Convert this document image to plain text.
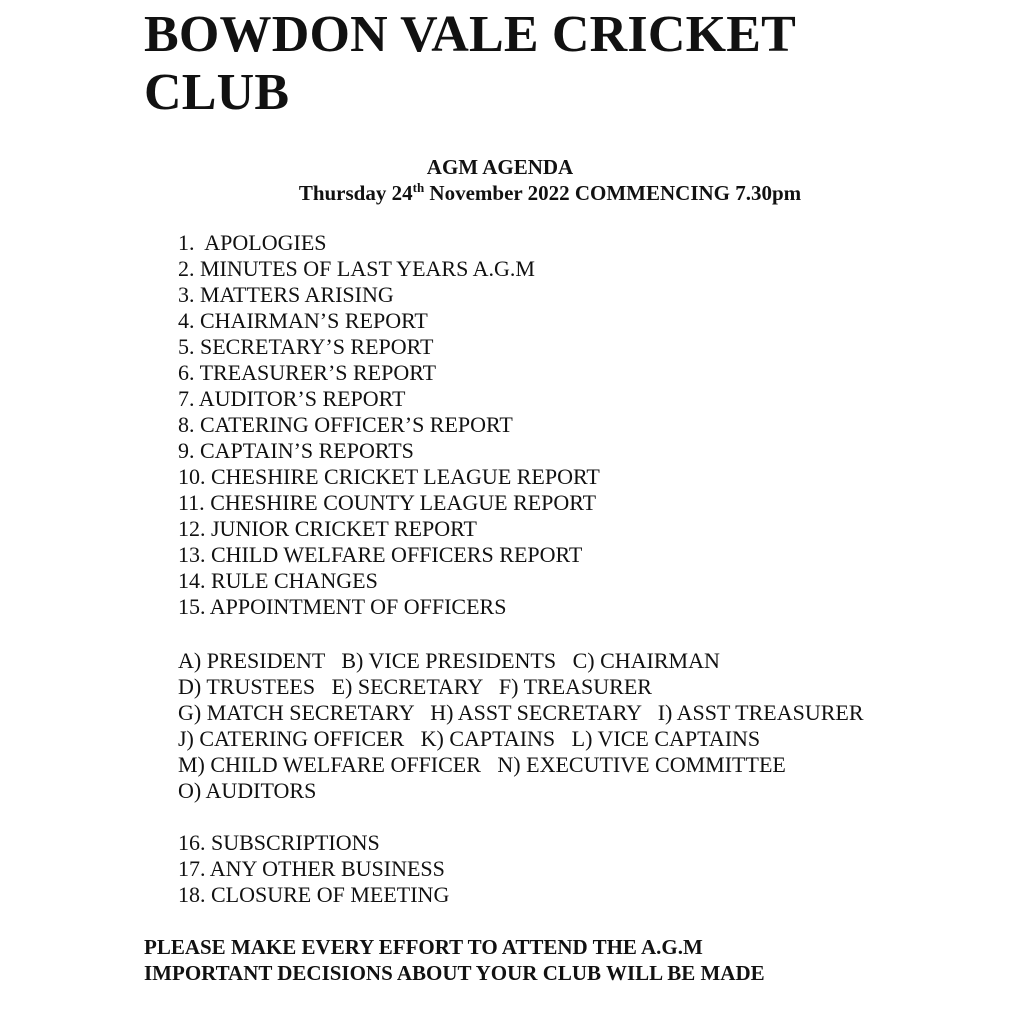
BOWDON VALE CRICKET
CLUB
AGM AGENDA
Thursday 24th November 2022 COMMENCING 7.30pm
1.  APOLOGIES
2. MINUTES OF LAST YEARS A.G.M
3. MATTERS ARISING
4. CHAIRMAN’S REPORT
5. SECRETARY’S REPORT
6. TREASURER’S REPORT
7. AUDITOR’S REPORT
8. CATERING OFFICER’S REPORT
9. CAPTAIN’S REPORTS
10. CHESHIRE CRICKET LEAGUE REPORT
11. CHESHIRE COUNTY LEAGUE REPORT
12. JUNIOR CRICKET REPORT
13. CHILD WELFARE OFFICERS REPORT
14. RULE CHANGES
15. APPOINTMENT OF OFFICERS
A) PRESIDENT   B) VICE PRESIDENTS   C) CHAIRMAN
D) TRUSTEES   E) SECRETARY   F) TREASURER
G) MATCH SECRETARY   H) ASST SECRETARY   I) ASST TREASURER
J) CATERING OFFICER   K) CAPTAINS   L) VICE CAPTAINS
M) CHILD WELFARE OFFICER   N) EXECUTIVE COMMITTEE
O) AUDITORS
16. SUBSCRIPTIONS
17. ANY OTHER BUSINESS
18. CLOSURE OF MEETING
PLEASE MAKE EVERY EFFORT TO ATTEND THE A.G.M
IMPORTANT DECISIONS ABOUT YOUR CLUB WILL BE MADE
